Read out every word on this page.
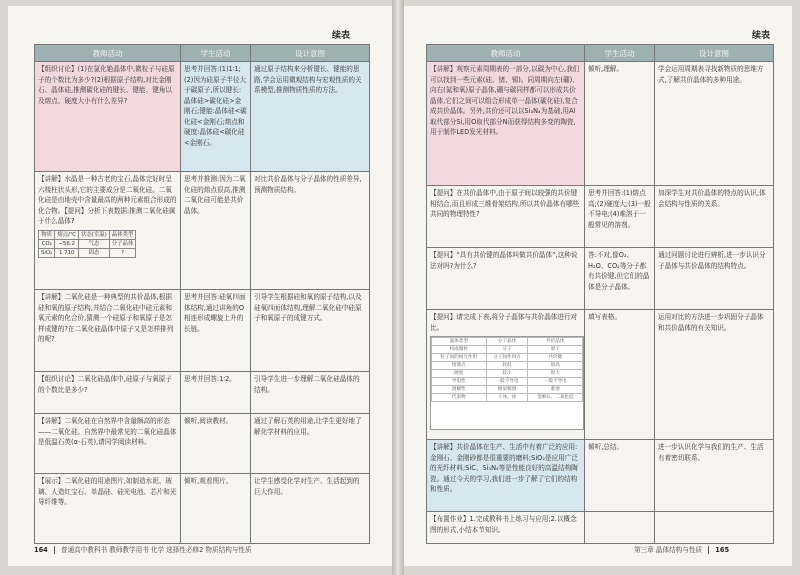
续表
教师活动	学生活动	设计意图
【组织讨论】(1)在氯化铯晶体中,微粒子与硅原子的个数比为多少?(2)根据原子结构,对比金刚石、晶体硅,推测碳化硅的键长、键能、键角以及熔点、硬度大小有什么差异?
思考并回答:(1)1∶1;(2)因为硅原子半径大于碳原子,所以键长:晶体硅>碳化硅>金刚石;键能:晶体硅<碳化硅<金刚石;熔点和硬度:晶体硅<碳化硅<金刚石。
通过原子结构来分析键长、键能的思路,学会运用微观结构与宏观性质的关系模型,推测物质性质的方法。
【讲解】水晶是一种古老的宝石,晶体完好时呈六棱柱状头形,它的主要成分是二氧化硅。二氧化硅是由地壳中含量最高的两种元素组合形成的化合物。【提问】分析下表数据:推测二氧化硅属于什么晶体?
物质	熔点/℃	状态(室温)	晶体类型
CO₂	−56.2	气态	分子晶体
SiO₂	1 710	固态	?
思考并推测:因为二氧化硅的熔点很高,推测二氧化硅可能是共价晶体。
对比共价晶体与分子晶体的性质差异,预测物质结构。
【讲解】二氧化硅是一种典型的共价晶体,根据硅和氧的原子结构,并结合二氧化硅中硅元素和氧元素的化合价,猜测一个硅原子和氧原子是怎样成键的?在二氧化硅晶体中原子又是怎样排列的呢?
思考并回答:硅氧四面体结构,通过讲角的O相连形成螺旋上升的长链。
引导学生根据硅和氧的原子结构,以及硅氧四面体结构,理解二氧化硅中硅原子和氧原子的成键方式。
【组织讨论】二氧化硅晶体中,硅原子与氧原子的个数比是多少?
思考并回答:1∶2。	引导学生进一步理解二氧化硅晶体的结构。
【讲解】二氧化硅在自然界中含量颇高的形态——二氧化硅。自然界中最常见的二氧化硅晶体是低温石英(α-石英),请同学阅读材料。
倾听,阅读教材。	通过了解石英的用途,让学生更好地了解化学材料的应用。
【展示】二氧化硅的用途图片,如制造水泥、玻璃、人造红宝石、单晶硅、硅光电池、芯片和光导纤维等。
倾听,观看图片。	让学生感受化学对生产、生活起到的巨大作用。
164 普通高中教科书 教师教学用书 化学 选择性必修2 物质结构与性质
续表
教师活动	学生活动	设计意图
【讲解】观察元素周期表的一部分,以碳为中心,我们可以找到一些元素(硅、锗、锡)。同周期向左(硼)、向右(氮和氧)原子晶体,硼与碳同样都可以形成共价晶体,它们之间可以组合形成单一晶体(碳化硅),复合成共价晶体。另外,共价还可以以Si₃N₄为基础,用Al取代部分Si,用O取代部分N而获得结构多变的陶瓷,用于制作LED发光材料。
倾听,理解。	学会运用周期表寻找新物质的思维方式,了解共价晶体的多种用途。
【提问】在共价晶体中,由于原子间以较强的共价键相结合,而且形成三维骨架结构,所以共价晶体有哪些共同的物理特性?
思考并回答:(1)熔点高;(2)硬度大;(3)一般不导电;(4)难溶于一般常见的溶剂。
加深学生对共价晶体的特点的认识,体会结构与性质的关系。
【提问】“具有共价键的晶体叫做共价晶体”,这种说法对吗?为什么?
答:不对,像O₂、H₂O、CO₂等分子都有共价键,但它们的晶体是分子晶体。
通过问题讨论进行辨析,进一步认识分子晶体与共价晶体的结构特点。
【提问】请完成下表,将分子晶体与共价晶体进行对比。
晶体类型	分子晶体	共价晶体
构成微粒	分子	原子
粒子间的相互作用	分子间作用力	共价键
熔沸点	较低	很高
硬度	较小	很大
导电性	一般不导电	一般不导电
溶解性	相似相溶	难溶
代表物	干冰、冰	金刚石、二氧化硅
填写表格。	运用对比的方法进一步巩固分子晶体和共价晶体的有关知识。
【讲解】共价晶体在生产、生活中有着广泛的应用:金刚石、金刚砂都是很重要的磨料;SiO₂是应用广泛的光纤材料;SiC、Si₃N₄等是性能良好的高温结构陶瓷。通过今天的学习,我们进一步了解了它们的结构和性质。
倾听,总结。	进一步认识化学与我们的生产、生活有着密切联系。
【布置作业】1.完成教科书上练习与应用;2.以概念图的形式,小结本节知识。
第三章 晶体结构与性质 165
